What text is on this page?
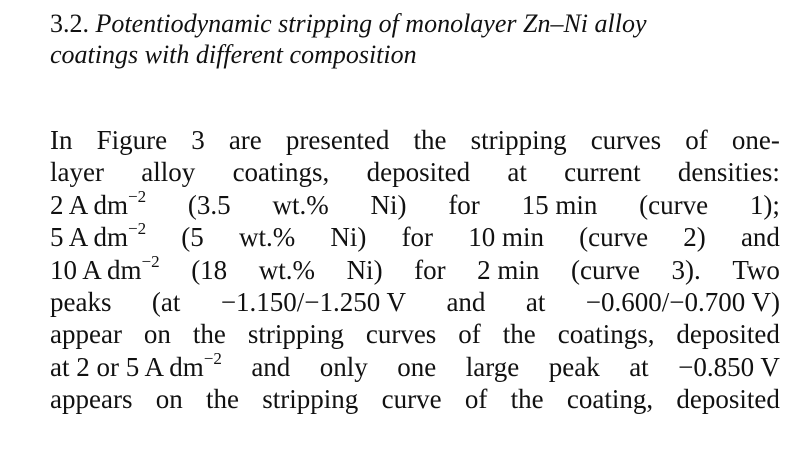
3.2. Potentiodynamic stripping of monolayer Zn–Ni alloy
coatings with different composition
In Figure 3 are presented the stripping curves of one-
layer alloy coatings, deposited at current densities:
2 A $dm^{-2}$ (3.5 wt.% Ni) for 15 min (curve 1);
5 A $dm^{-2}$ (5 wt.% Ni) for 10 min (curve 2) and
10 A $dm^{-2}$ (18 wt.% Ni) for 2 min (curve 3). Two
peaks (at −1.150/−1.250 V and at −0.600/−0.700 V)
appear on the stripping curves of the coatings, deposited
at 2 or 5 A $dm^{-2}$ and only one large peak at −0.850 V
appears on the stripping curve of the coating, deposited
